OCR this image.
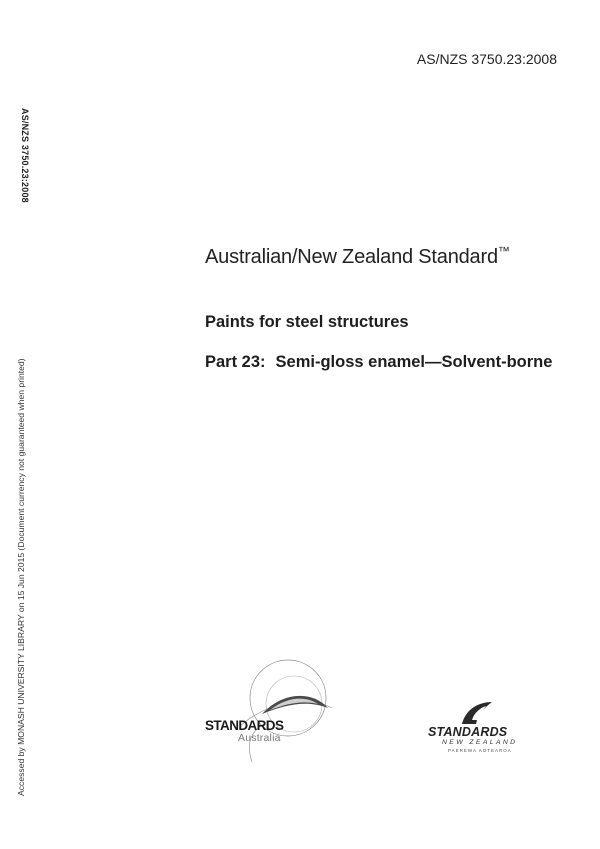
AS/NZS 3750.23:2008
AS/NZS 3750.23:2008
Accessed by MONASH UNIVERSITY LIBRARY on 15 Jun 2015 (Document currency not guaranteed when printed)
Australian/New Zealand Standard™
Paints for steel structures
Part 23: Semi-gloss enamel—Solvent-borne
STANDARDS
Australia	STANDARDS
NEW ZEALAND
PAEREWA AOTEAROA
